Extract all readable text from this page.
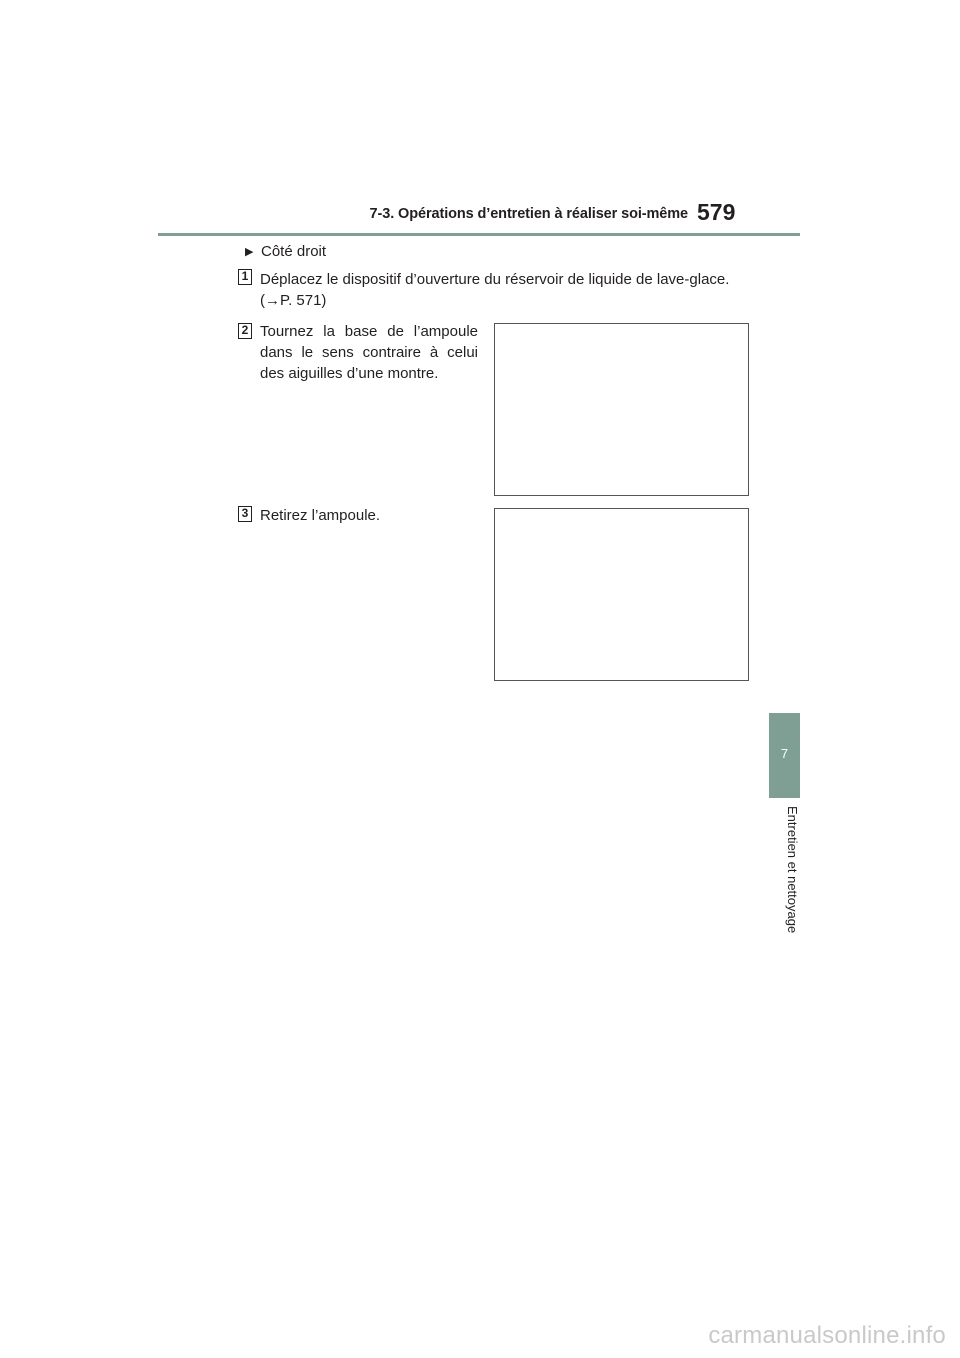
7-3. Opérations d’entretien à réaliser soi-même 579
▶ Côté droit
1 Déplacez le dispositif d’ouverture du réservoir de liquide de lave-glace.
(→P. 571)
2 Tournez la base de l’ampoule dans le sens contraire à celui des aiguilles d’une montre.
3 Retirez l’ampoule.
7
Entretien et nettoyage
carmanualsonline.info
